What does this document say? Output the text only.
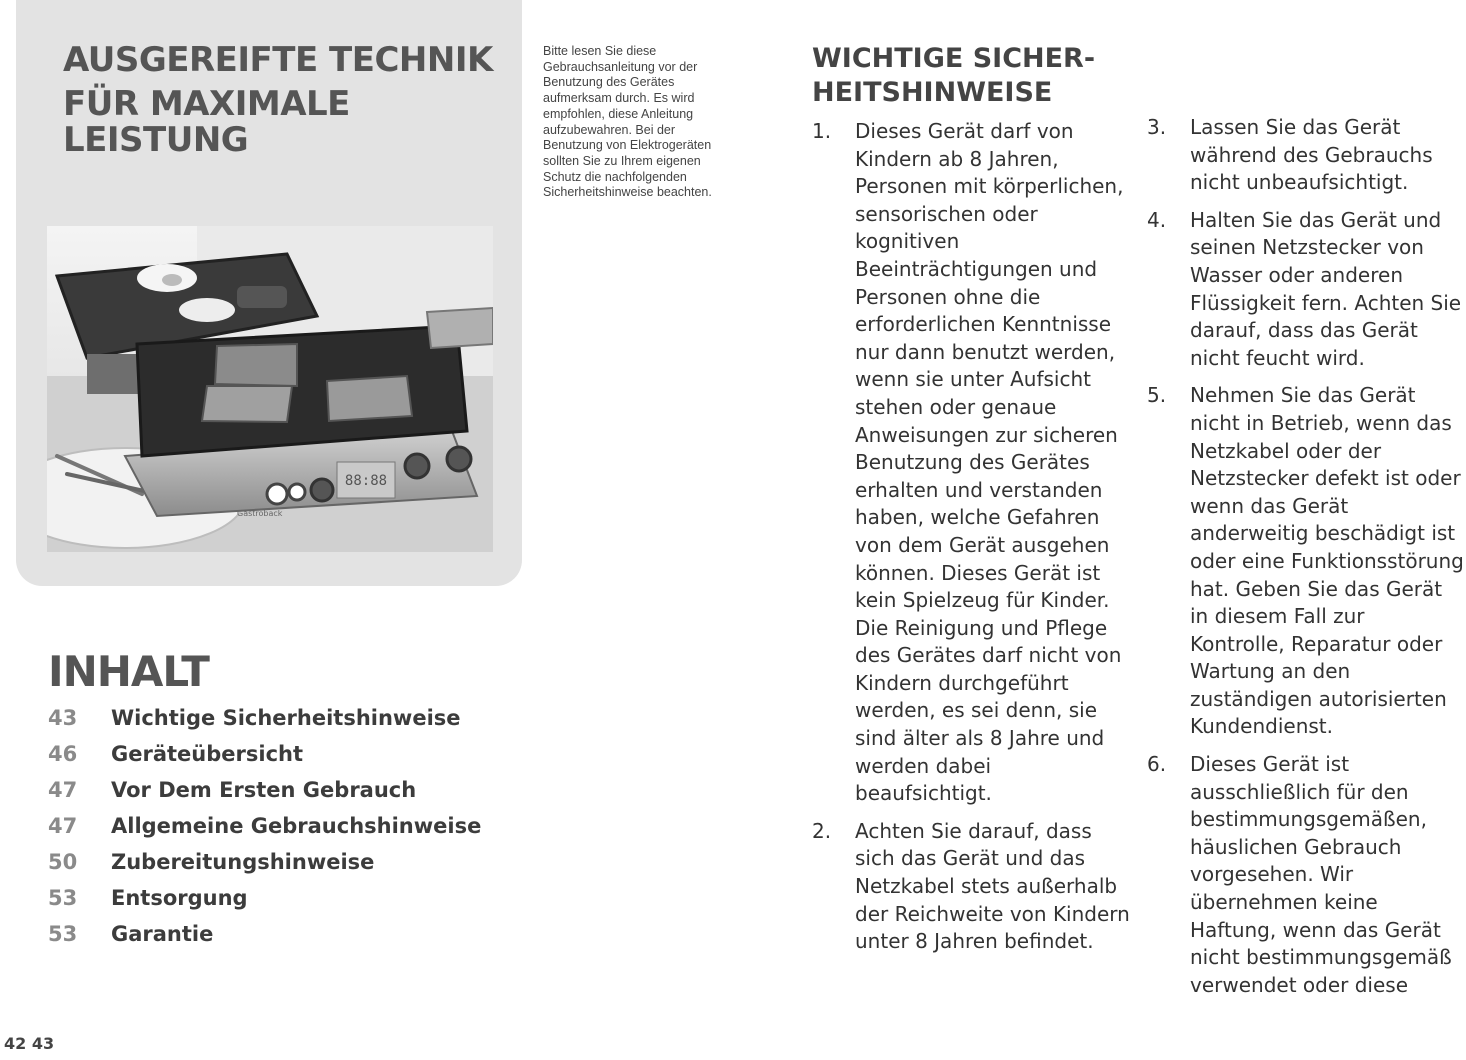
AUSGEREIFTE TECHNIK
FÜR MAXIMALE
LEISTUNG
88:88
Gastroback

Bitte lesen Sie diese Gebrauchsanleitung vor der Benutzung des Gerätes aufmerksam durch. Es wird empfohlen, diese Anleitung aufzubewahren. Bei der Benutzung von Elektrogeräten sollten Sie zu Ihrem eigenen Schutz die nachfolgenden Sicherheitshinweise beachten.

INHALT
43	Wichtige Sicherheitshinweise
46	Geräteübersicht
47	Vor Dem Ersten Gebrauch
47	Allgemeine Gebrauchshinweise
50	Zubereitungshinweise
53	Entsorgung
53	Garantie
WICHTIGE SICHER-
HEITSHINWEISE
1.	Dieses Gerät darf von Kindern ab 8 Jahren, Personen mit körperlichen, sensorischen oder kognitiven Beeinträchtigungen und Personen ohne die erforderlichen Kenntnisse nur dann benutzt werden, wenn sie unter Aufsicht stehen oder genaue Anweisungen zur sicheren Benutzung des Gerätes erhalten und verstanden haben, welche Gefahren von dem Gerät ausgehen können. Dieses Gerät ist kein Spielzeug für Kinder. Die Reinigung und Pflege des Gerätes darf nicht von Kindern durchgeführt werden, es sei denn, sie sind älter als 8 Jahre und werden dabei beaufsichtigt.
2.	Achten Sie darauf, dass sich das Gerät und das Netzkabel stets außerhalb der Reichweite von Kindern unter 8 Jahren befindet.
3.	Lassen Sie das Gerät während des Gebrauchs nicht unbeaufsichtigt.
4.	Halten Sie das Gerät und seinen Netzstecker von Wasser oder anderen Flüssigkeit fern. Achten Sie darauf, dass das Gerät nicht feucht wird.
5.	Nehmen Sie das Gerät nicht in Betrieb, wenn das Netzkabel oder der Netzstecker defekt ist oder wenn das Gerät anderweitig beschädigt ist oder eine Funktionsstörung hat. Geben Sie das Gerät in diesem Fall zur Kontrolle, Reparatur oder Wartung an den zuständigen autorisierten Kundendienst.
6.	Dieses Gerät ist ausschließlich für den bestimmungsgemäßen, häuslichen Gebrauch vorgesehen. Wir übernehmen keine Haftung, wenn das Gerät nicht bestimmungsgemäß verwendet oder diese

42 43
